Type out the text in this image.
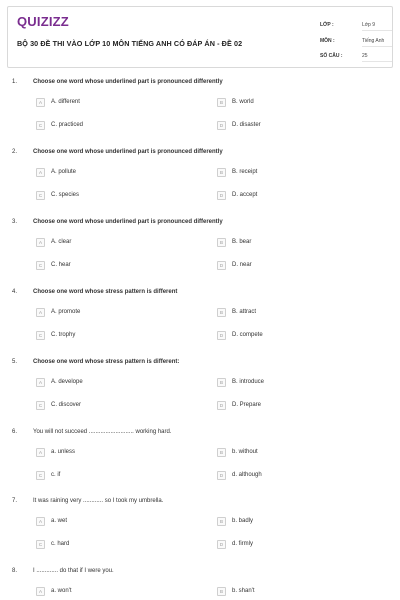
QUIZIZZ
BỘ 30 ĐỀ THI VÀO LỚP 10 MÔN TIẾNG ANH CÓ ĐÁP ÁN - ĐỀ 02
LỚP :	Lớp 9
MÔN :	Tiếng Anh
SỐ CÂU :	25
1.	Choose one word whose underlined part is pronounced differently
A	A. different	B	B. world
C	C. practiced	D	D. disaster
2.	Choose one word whose underlined part is pronounced differently
A	A. pollute	B	B. receipt
C	C. species	D	D. accept
3.	Choose one word whose underlined part is pronounced differently
A	A. clear	B	B. bear
C	C. hear	D	D. near
4.	Choose one word whose stress pattern is different
A	A. promote	B	B. attract
C	C. trophy	D	D. compete
5.	Choose one word whose stress pattern is different:
A	A. develope	B	B. introduce
C	C. discover	D	D. Prepare
6.	You will not succeed ........................... working hard.
A	a. unless	B	b. without
C	c. if	D	d. although
7.	It was raining very ............ so I took my umbrella.
A	a. wet	B	b. badly
C	c. hard	D	d. firmly
8.	I ............. do that if I were you.
A	a. won't	B	b. shan't
